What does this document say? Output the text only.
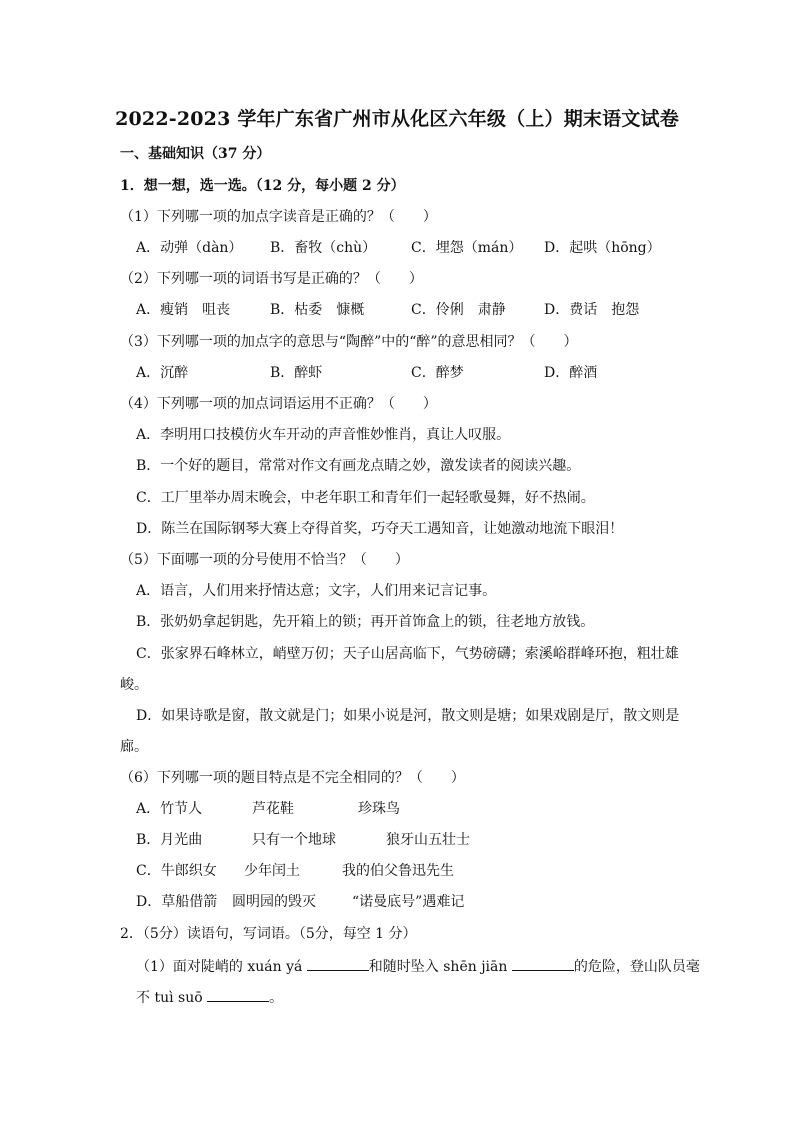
2022-2023 学年广东省广州市从化区六年级（上）期末语文试卷
一、基础知识（37 分）
1．想一想，选一选。（12 分，每小题 2 分）
（1）下列哪一项的加点字读音是正确的？（　　）
A．动弹（dàn） B．畜牧（chù） C．埋怨（mán） D．起哄（hōng）
（2）下列哪一项的词语书写是正确的？（　　）
A．瘦销　咀丧	B．枯委　慷概	C．伶俐　肃静	D．费话　抱怨
（3）下列哪一项的加点字的意思与“陶醉”中的“醉”的意思相同？（　　）
A．沉醉	B．醉虾	C．醉梦	D．醉酒
（4）下列哪一项的加点词语运用不正确？（　　）
A．李明用口技模仿火车开动的声音惟妙惟肖，真让人叹服。
B．一个好的题目，常常对作文有画龙点睛之妙，激发读者的阅读兴趣。
C．工厂里举办周末晚会，中老年职工和青年们一起轻歌曼舞，好不热闹。
D．陈兰在国际钢琴大赛上夺得首奖，巧夺天工遇知音，让她激动地流下眼泪！
（5）下面哪一项的分号使用不恰当？（　　）
A．语言，人们用来抒情达意；文字，人们用来记言记事。
B．张奶奶拿起钥匙，先开箱上的锁；再开首饰盒上的锁，往老地方放钱。
C．张家界石峰林立，峭壁万仞；天子山居高临下，气势磅礴；索溪峪群峰环抱，粗壮雄
峻。
D．如果诗歌是窗，散文就是门；如果小说是河，散文则是塘；如果戏剧是厅，散文则是
廊。
（6）下列哪一项的题目特点是不完全相同的？（　　）
A．竹节人	芦花鞋	珍珠鸟
B．月光曲	只有一个地球	狼牙山五壮士
C．牛郎织女 少年闰土	我的伯父鲁迅先生
D．草船借箭 圆明园的毁灭	“诺曼底号”遇难记
2．（5分）读语句，写词语。（5分，每空 1 分）
（1）面对陡峭的 xuán yá	和随时坠入 shēn jiān	的危险，登山队员毫
不 tuì suō	。
